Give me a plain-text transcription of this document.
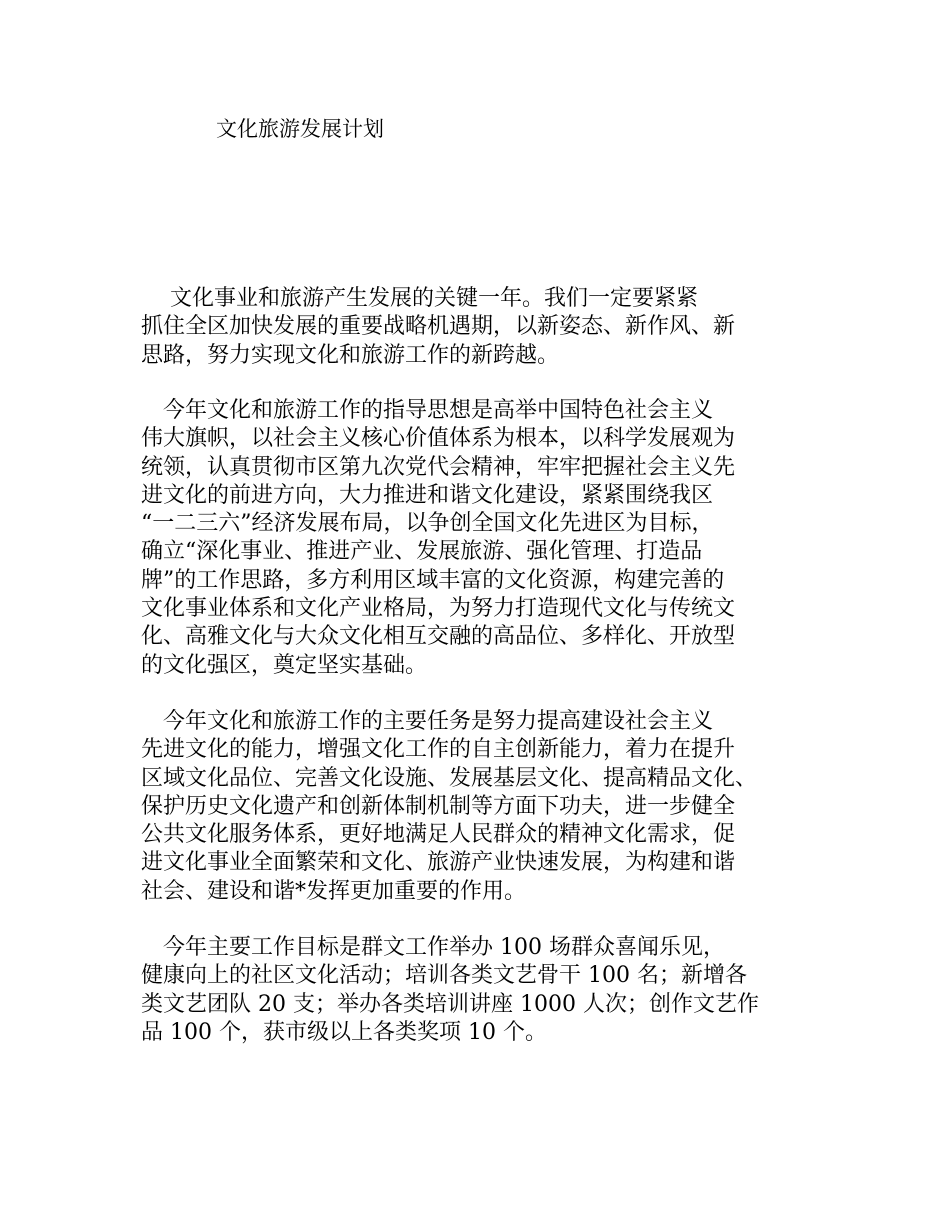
文化旅游发展计划
　 文化事业和旅游产生发展的关键一年。我们一定要紧紧
抓住全区加快发展的重要战略机遇期，以新姿态、新作风、新
思路，努力实现文化和旅游工作的新跨越。
　今年文化和旅游工作的指导思想是高举中国特色社会主义
伟大旗帜，以社会主义核心价值体系为根本，以科学发展观为
统领，认真贯彻市区第九次党代会精神，牢牢把握社会主义先
进文化的前进方向，大力推进和谐文化建设，紧紧围绕我区
“一二三六”经济发展布局，以争创全国文化先进区为目标，
确立“深化事业、推进产业、发展旅游、强化管理、打造品
牌”的工作思路，多方利用区域丰富的文化资源，构建完善的
文化事业体系和文化产业格局，为努力打造现代文化与传统文
化、高雅文化与大众文化相互交融的高品位、多样化、开放型
的文化强区，奠定坚实基础。
　今年文化和旅游工作的主要任务是努力提高建设社会主义
先进文化的能力，增强文化工作的自主创新能力，着力在提升
区域文化品位、完善文化设施、发展基层文化、提高精品文化、
保护历史文化遗产和创新体制机制等方面下功夫，进一步健全
公共文化服务体系，更好地满足人民群众的精神文化需求，促
进文化事业全面繁荣和文化、旅游产业快速发展，为构建和谐
社会、建设和谐*发挥更加重要的作用。
　今年主要工作目标是群文工作举办 100 场群众喜闻乐见，
健康向上的社区文化活动；培训各类文艺骨干 100 名；新增各
类文艺团队 20 支；举办各类培训讲座 1000 人次；创作文艺作
品 100 个，获市级以上各类奖项 10 个。
